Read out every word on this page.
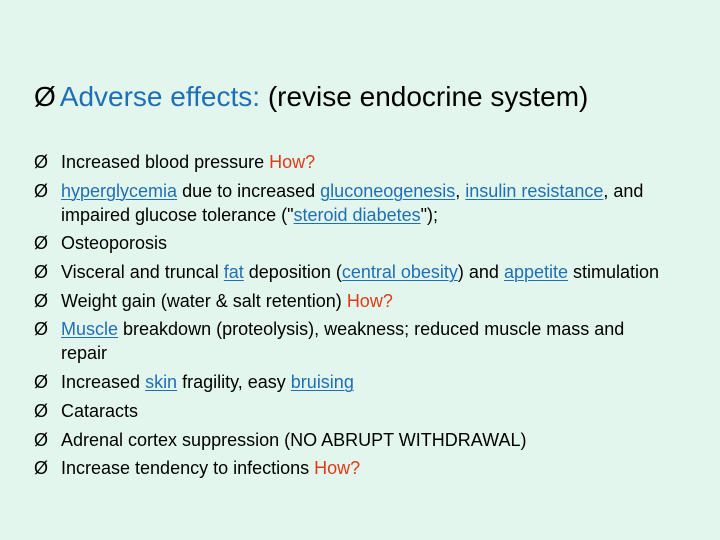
Ø Adverse effects: (revise endocrine system)
Ø Increased blood pressure How?
Ø hyperglycemia due to increased gluconeogenesis, insulin resistance, and impaired glucose tolerance ("steroid diabetes");
Ø Osteoporosis
Ø Visceral and truncal fat deposition (central obesity) and appetite stimulation
Ø Weight gain (water & salt retention) How?
Ø Muscle breakdown (proteolysis), weakness; reduced muscle mass and repair
Ø Increased skin fragility, easy bruising
Ø Cataracts
Ø Adrenal cortex suppression (NO ABRUPT WITHDRAWAL)
Ø Increase tendency to infections How?
